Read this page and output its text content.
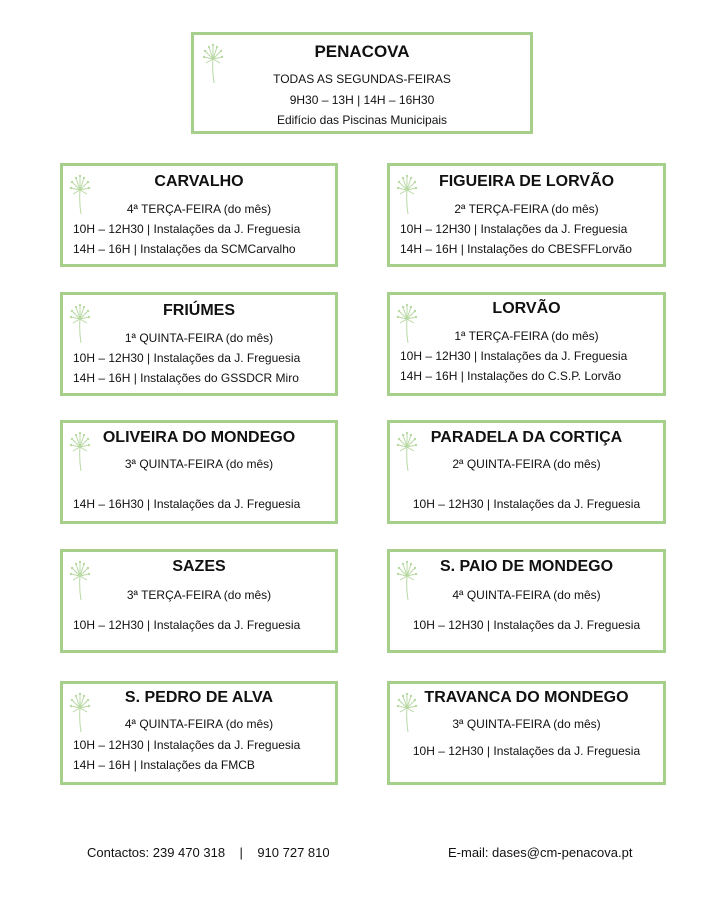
PENACOVA
TODAS AS SEGUNDAS-FEIRAS
9H30 – 13H | 14H – 16H30
Edifício das Piscinas Municipais
CARVALHO
4ª TERÇA-FEIRA (do mês)
10H – 12H30 | Instalações da J. Freguesia
14H – 16H | Instalações da SCMCarvalho
FIGUEIRA DE LORVÃO
2ª TERÇA-FEIRA (do mês)
10H – 12H30 | Instalações da J. Freguesia
14H – 16H | Instalações do CBESFFLorvão
FRIÚMES
1ª QUINTA-FEIRA (do mês)
10H – 12H30 | Instalações da J. Freguesia
14H – 16H | Instalações do GSSDCR Miro
LORVÃO
1ª TERÇA-FEIRA (do mês)
10H – 12H30 | Instalações da J. Freguesia
14H – 16H | Instalações do C.S.P. Lorvão
OLIVEIRA DO MONDEGO
3ª QUINTA-FEIRA (do mês)
14H – 16H30 | Instalações da J. Freguesia
PARADELA DA CORTIÇA
2ª QUINTA-FEIRA (do mês)
10H – 12H30 | Instalações da J. Freguesia
SAZES
3ª TERÇA-FEIRA (do mês)
10H – 12H30 | Instalações da J. Freguesia
S. PAIO DE MONDEGO
4ª QUINTA-FEIRA (do mês)
10H – 12H30 | Instalações da J. Freguesia
S. PEDRO DE ALVA
4ª QUINTA-FEIRA (do mês)
10H – 12H30 | Instalações da J. Freguesia
14H – 16H | Instalações da FMCB
TRAVANCA DO MONDEGO
3ª QUINTA-FEIRA (do mês)
10H – 12H30 | Instalações da J. Freguesia
Contactos: 239 470 318    |    910 727 810	E-mail: dases@cm-penacova.pt
